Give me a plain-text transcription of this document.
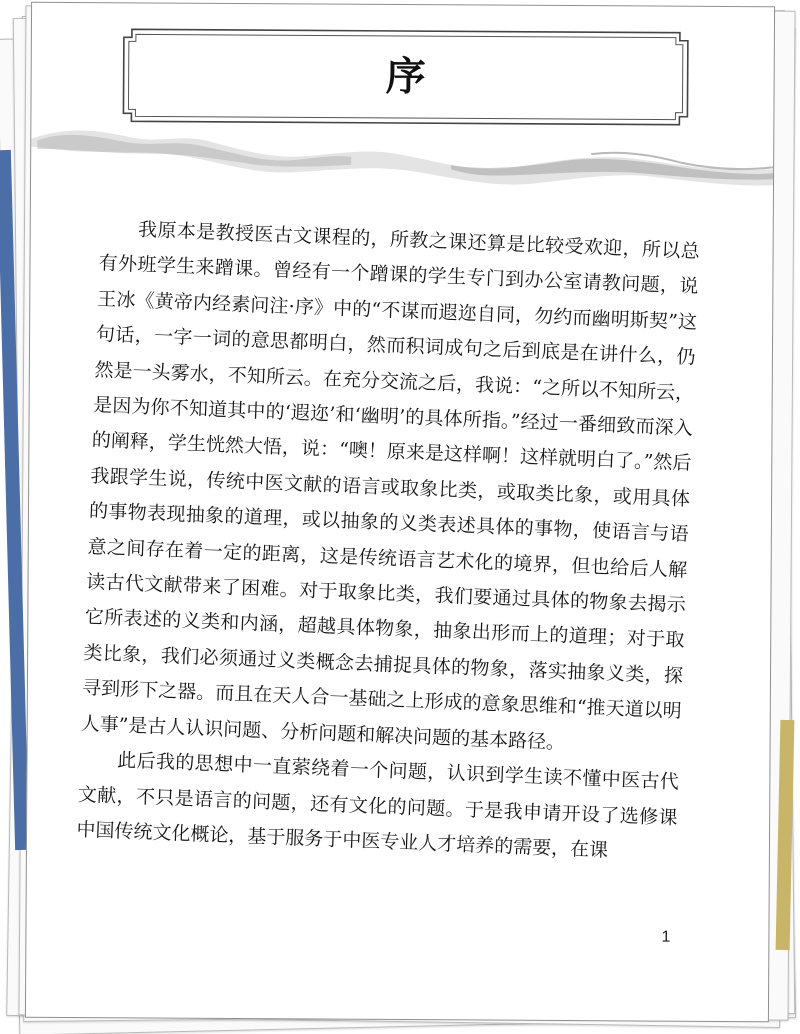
序

我原本是教授医古文课程的，所教之课还算是比较受欢迎，所以总有外班学生来蹭课。曾经有一个蹭课的学生专门到办公室请教问题，说王冰《黄帝内经素问注·序》中的“不谋而遐迩自同，勿约而幽明斯契”这句话，一字一词的意思都明白，然而积词成句之后到底是在讲什么，仍然是一头雾水，不知所云。在充分交流之后，我说：“之所以不知所云，是因为你不知道其中的‘遐迩’和‘幽明’的具体所指。”经过一番细致而深入的阐释，学生恍然大悟，说：“噢！原来是这样啊！这样就明白了。”然后我跟学生说，传统中医文献的语言或取象比类，或取类比象，或用具体的事物表现抽象的道理，或以抽象的义类表述具体的事物，使语言与语意之间存在着一定的距离，这是传统语言艺术化的境界，但也给后人解读古代文献带来了困难。对于取象比类，我们要通过具体的物象去揭示它所表述的义类和内涵，超越具体物象，抽象出形而上的道理；对于取类比象，我们必须通过义类概念去捕捉具体的物象，落实抽象义类，探寻到形下之器。而且在天人合一基础之上形成的意象思维和“推天道以明人事”是古人认识问题、分析问题和解决问题的基本路径。

此后我的思想中一直萦绕着一个问题，认识到学生读不懂中医古代文献，不只是语言的问题，还有文化的问题。于是我申请开设了选修课中国传统文化概论，基于服务于中医专业人才培养的需要，在课

1
